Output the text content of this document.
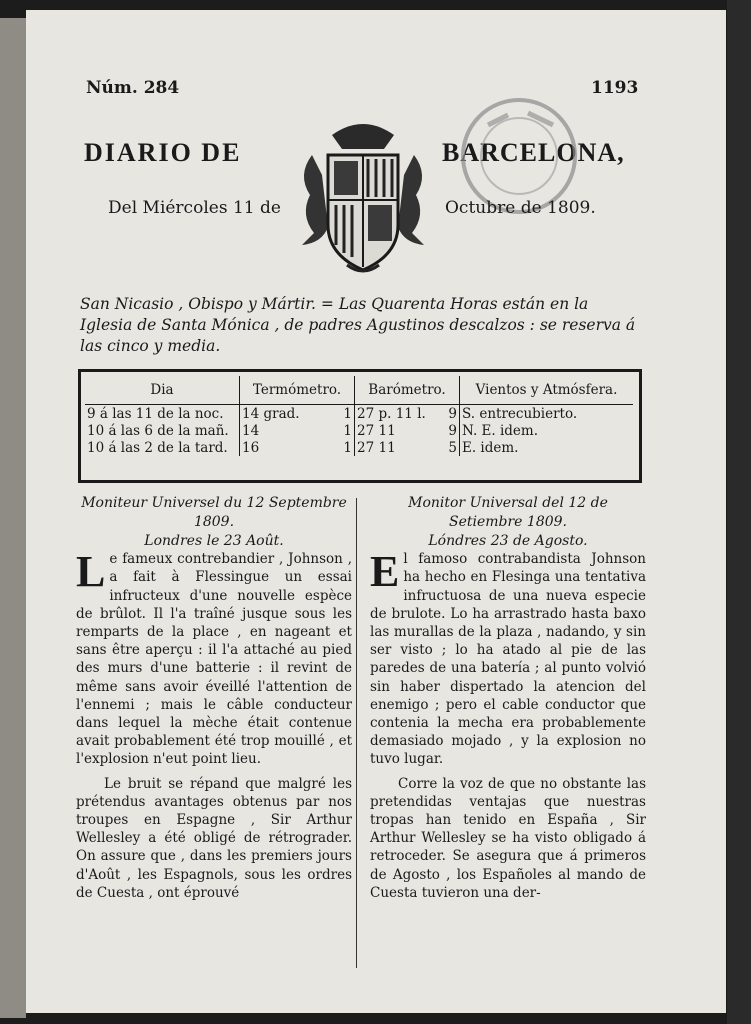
Núm. 284	1193
DIARIO DE	BARCELONA,
Del Miércoles 11 de	Octubre de 1809.
San Nicasio , Obispo y Mártir. = Las Quarenta Horas están en la Iglesia de Santa Mónica , de padres Agustinos descalzos : se reserva á las cinco y media.
Dia	Termómetro.	Barómetro.	Vientos y Atmósfera.
9 á las 11 de la noc.	14 grad. 1	27 p. 11 l. 9	S. entrecubierto.
10 á las 6 de la mañ.	14 1	27 11 9	N. E. idem.
10 á las 2 de la tard.	16 1	27 11 5	E. idem.

Moniteur Universel du 12 Septembre 1809.

Londres le 23 Août.

Le fameux contrebandier , Johnson , a fait à Flessingue un essai infructeux d'une nouvelle espèce de brûlot. Il l'a traîné jusque sous les remparts de la place , en nageant et sans être aperçu : il l'a attaché au pied des murs d'une batterie : il revint de même sans avoir éveillé l'attention de l'ennemi ; mais le câble conducteur dans lequel la mèche était contenue avait probablement été trop mouillé , et l'explosion n'eut point lieu.

Le bruit se répand que malgré les prétendus avantages obtenus par nos troupes en Espagne , Sir Arthur Wellesley a été obligé de rétrograder. On assure que , dans les premiers jours d'Août , les Espagnols, sous les ordres de Cuesta , ont éprouvé

Monitor Universal del 12 de Setiembre 1809.

Lóndres 23 de Agosto.

El famoso contrabandista Johnson ha hecho en Flesinga una tentativa infructuosa de una nueva especie de brulote. Lo ha arrastrado hasta baxo las murallas de la plaza , nadando, y sin ser visto ; lo ha atado al pie de las paredes de una batería ; al punto volvió sin haber dispertado la atencion del enemigo ; pero el cable conductor que contenia la mecha era probablemente demasiado mojado , y la explosion no tuvo lugar.

Corre la voz de que no obstante las pretendidas ventajas que nuestras tropas han tenido en España , Sir Arthur Wellesley se ha visto obligado á retroceder. Se asegura que á primeros de Agosto , los Españoles al mando de Cuesta tuvieron una der-
